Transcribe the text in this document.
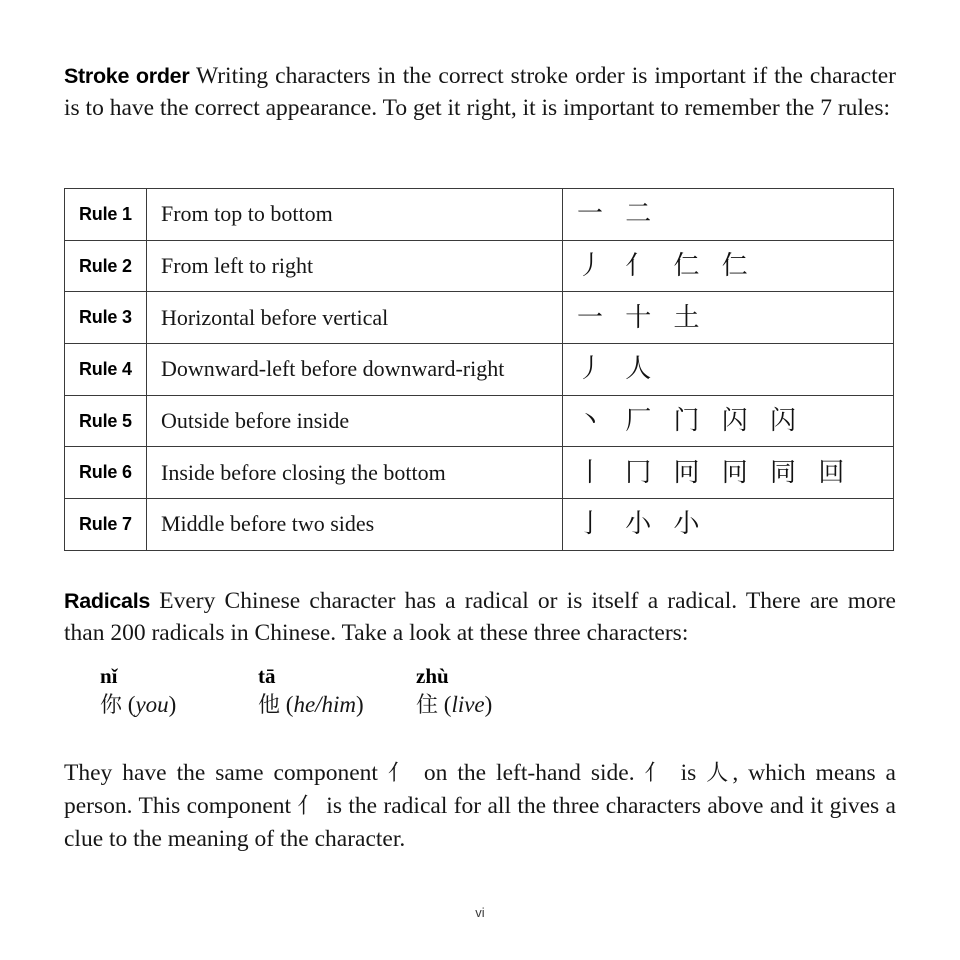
Stroke order Writing characters in the correct stroke order is important if the character is to have the correct appearance. To get it right, it is important to remember the 7 rules:

Rule 1	From top to bottom	一 二
Rule 2	From left to right	丿 亻 仁 仁
Rule 3	Horizontal before vertical	一 十 土
Rule 4	Downward-left before downward-right	丿 人
Rule 5	Outside before inside	丶 厂 门 闪 闪
Rule 6	Inside before closing the bottom	丨 冂 冋 冋 同 回
Rule 7	Middle before two sides	亅 小 小

Radicals Every Chinese character has a radical or is itself a radical. There are more than 200 radicals in Chinese. Take a look at these three characters:

nǐ	tā	zhù
你 (you)	他 (he/him)	住 (live)

They have the same component 亻 on the left-hand side. 亻 is 人, which means a person. This component 亻 is the radical for all the three characters above and it gives a clue to the meaning of the character.

vi
